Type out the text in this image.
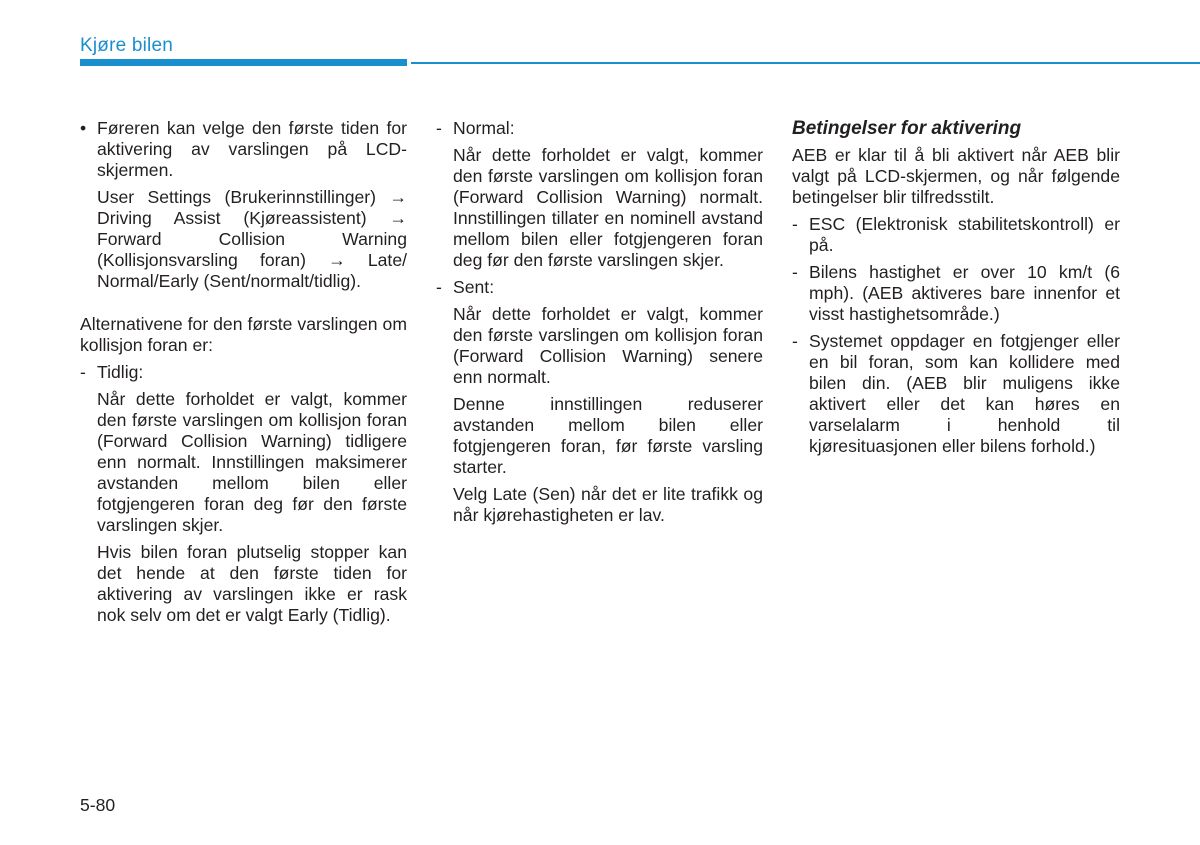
Kjøre bilen

• Føreren kan velge den første tiden for aktivering av varslingen på LCD-skjermen.

User Settings (Brukerinnstillinger) → Driving Assist (Kjøreassistent) → Forward Collision Warning (Kollisjonsvarsling foran) → Late/ Normal/Early (Sent/normalt/tidlig).

Alternativene for den første varslingen om kollisjon foran er:

- Tidlig:

Når dette forholdet er valgt, kommer den første varslingen om kollisjon foran (Forward Collision Warning) tidligere enn normalt. Innstillingen maksimerer avstanden mellom bilen eller fotgjengeren foran deg før den første varslingen skjer.

Hvis bilen foran plutselig stopper kan det hende at den første tiden for aktivering av varslingen ikke er rask nok selv om det er valgt Early (Tidlig).

- Normal:

Når dette forholdet er valgt, kommer den første varslingen om kollisjon foran (Forward Collision Warning) normalt. Innstillingen tillater en nominell avstand mellom bilen eller fotgjengeren foran deg før den første varslingen skjer.

- Sent:

Når dette forholdet er valgt, kommer den første varslingen om kollisjon foran (Forward Collision Warning) senere enn normalt.

Denne innstillingen reduserer avstanden mellom bilen eller fotgjengeren foran, før første varsling starter.

Velg Late (Sen) når det er lite trafikk og når kjørehastigheten er lav.

Betingelser for aktivering

AEB er klar til å bli aktivert når AEB blir valgt på LCD-skjermen, og når følgende betingelser blir tilfredsstilt.

- ESC (Elektronisk stabilitetskontroll) er på.

- Bilens hastighet er over 10 km/t (6 mph). (AEB aktiveres bare innenfor et visst hastighetsområde.)

- Systemet oppdager en fotgjenger eller en bil foran, som kan kollidere med bilen din. (AEB blir muligens ikke aktivert eller det kan høres en varselalarm i henhold til kjøresituasjonen eller bilens forhold.)

5-80
